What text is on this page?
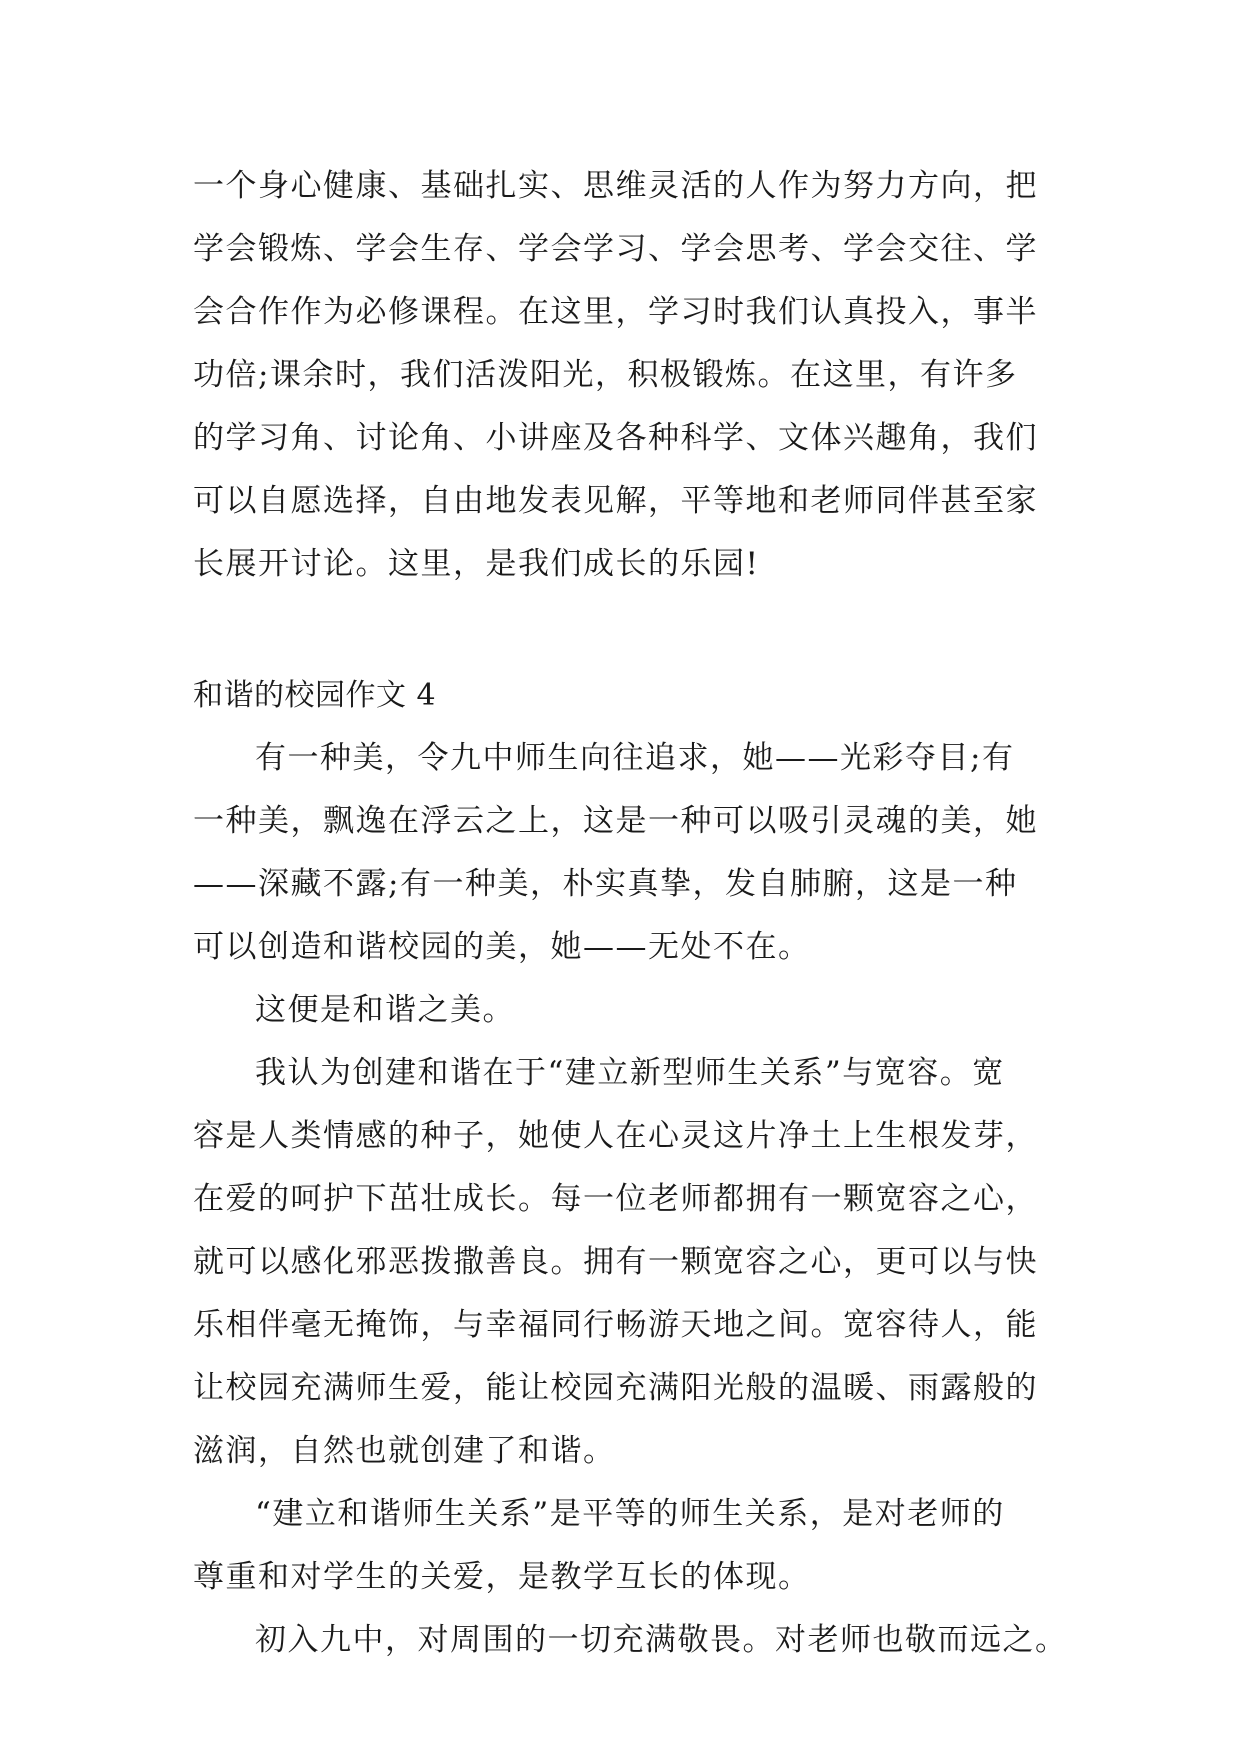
一个身心健康、基础扎实、思维灵活的人作为努力方向，把
学会锻炼、学会生存、学会学习、学会思考、学会交往、学
会合作作为必修课程。在这里，学习时我们认真投入，事半
功倍;课余时，我们活泼阳光，积极锻炼。在这里，有许多
的学习角、讨论角、小讲座及各种科学、文体兴趣角，我们
可以自愿选择，自由地发表见解，平等地和老师同伴甚至家
长展开讨论。这里，是我们成长的乐园!
和谐的校园作文 4
有一种美，令九中师生向往追求，她——光彩夺目;有
一种美，飘逸在浮云之上，这是一种可以吸引灵魂的美，她
——深藏不露;有一种美，朴实真挚，发自肺腑，这是一种
可以创造和谐校园的美，她——无处不在。
这便是和谐之美。
我认为创建和谐在于“建立新型师生关系”与宽容。宽
容是人类情感的种子，她使人在心灵这片净土上生根发芽，
在爱的呵护下茁壮成长。每一位老师都拥有一颗宽容之心，
就可以感化邪恶拨撒善良。拥有一颗宽容之心，更可以与快
乐相伴毫无掩饰，与幸福同行畅游天地之间。宽容待人，能
让校园充满师生爱，能让校园充满阳光般的温暖、雨露般的
滋润，自然也就创建了和谐。
“建立和谐师生关系”是平等的师生关系，是对老师的
尊重和对学生的关爱，是教学互长的体现。
初入九中，对周围的一切充满敬畏。对老师也敬而远之。
